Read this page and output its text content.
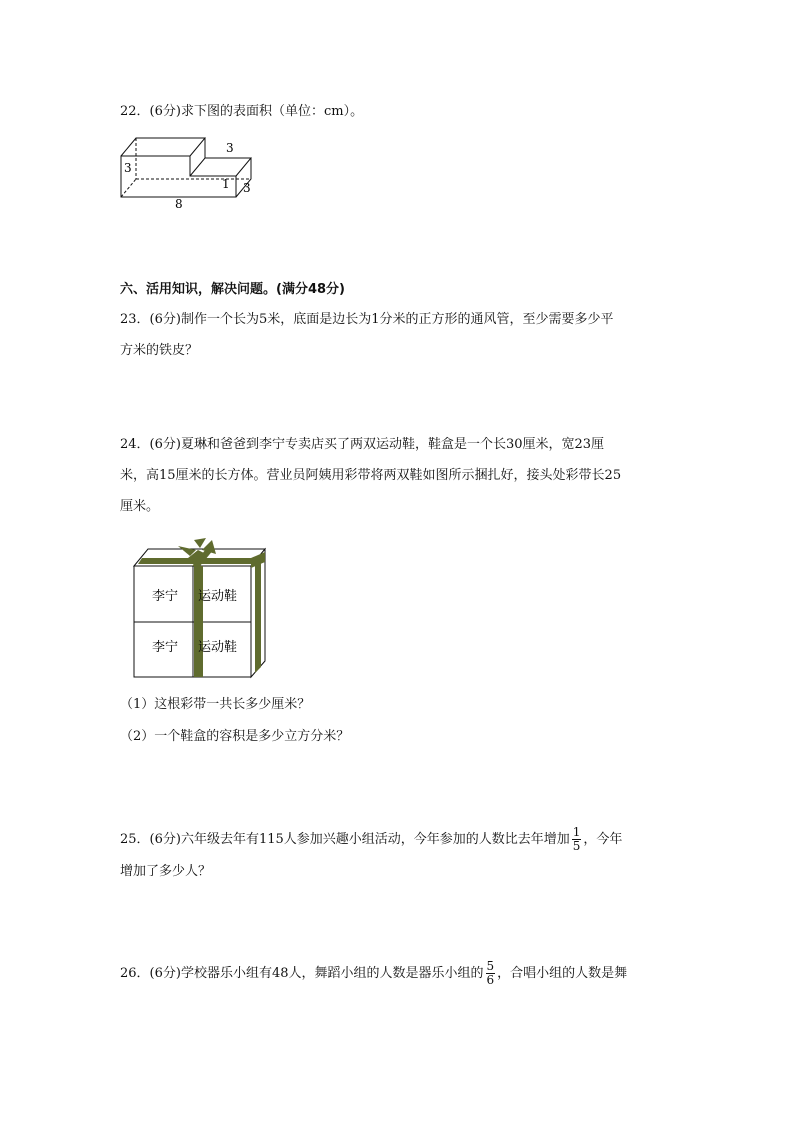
22．(6分)求下图的表面积（单位：cm）。
3
3
1 3
8
六、活用知识，解决问题。(满分48分)
23．(6分)制作一个长为5米，底面是边长为1分米的正方形的通风管，至少需要多少平
方米的铁皮？
24．(6分)夏琳和爸爸到李宁专卖店买了两双运动鞋，鞋盒是一个长30厘米，宽23厘
米，高15厘米的长方体。营业员阿姨用彩带将两双鞋如图所示捆扎好，接头处彩带长25
厘米。
李宁 运动鞋
李宁 运动鞋
（1）这根彩带一共长多少厘米？
（2）一个鞋盒的容积是多少立方分米？
25．(6分)六年级去年有115人参加兴趣小组活动，今年参加的人数比去年增加 $\frac{1}{5}$ ，今年
增加了多少人？
26．(6分)学校器乐小组有48人，舞蹈小组的人数是器乐小组的 $\frac{5}{6}$ ，合唱小组的人数是舞
